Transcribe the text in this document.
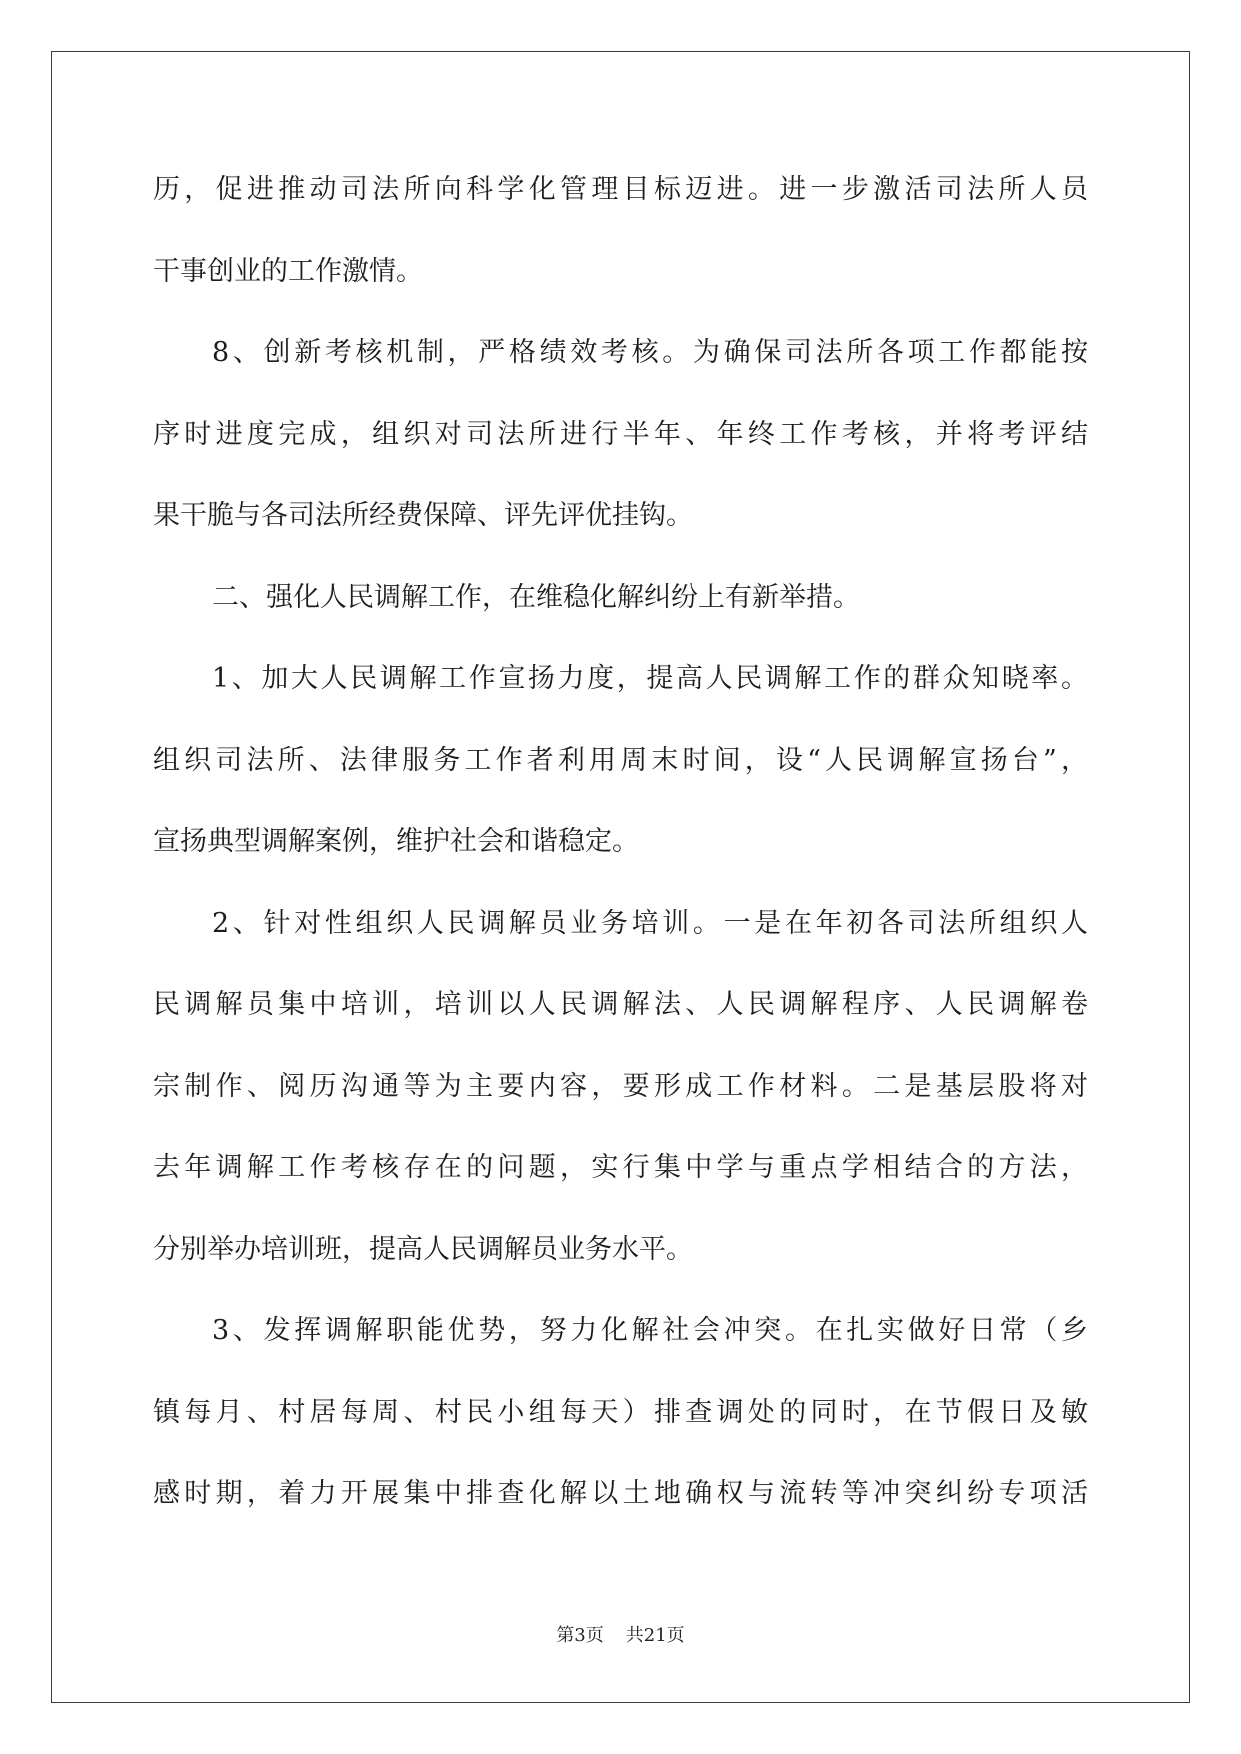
历，促进推动司法所向科学化管理目标迈进。进一步激活司法所人员
干事创业的工作激情。
8、创新考核机制，严格绩效考核。为确保司法所各项工作都能按
序时进度完成，组织对司法所进行半年、年终工作考核，并将考评结
果干脆与各司法所经费保障、评先评优挂钩。
二、强化人民调解工作，在维稳化解纠纷上有新举措。
1、加大人民调解工作宣扬力度，提高人民调解工作的群众知晓率。
组织司法所、法律服务工作者利用周末时间，设“人民调解宣扬台”，
宣扬典型调解案例，维护社会和谐稳定。
2、针对性组织人民调解员业务培训。一是在年初各司法所组织人
民调解员集中培训，培训以人民调解法、人民调解程序、人民调解卷
宗制作、阅历沟通等为主要内容，要形成工作材料。二是基层股将对
去年调解工作考核存在的问题，实行集中学与重点学相结合的方法，
分别举办培训班，提高人民调解员业务水平。
3、发挥调解职能优势，努力化解社会冲突。在扎实做好日常（乡
镇每月、村居每周、村民小组每天）排查调处的同时，在节假日及敏
感时期，着力开展集中排查化解以土地确权与流转等冲突纠纷专项活
第3页 共21页
